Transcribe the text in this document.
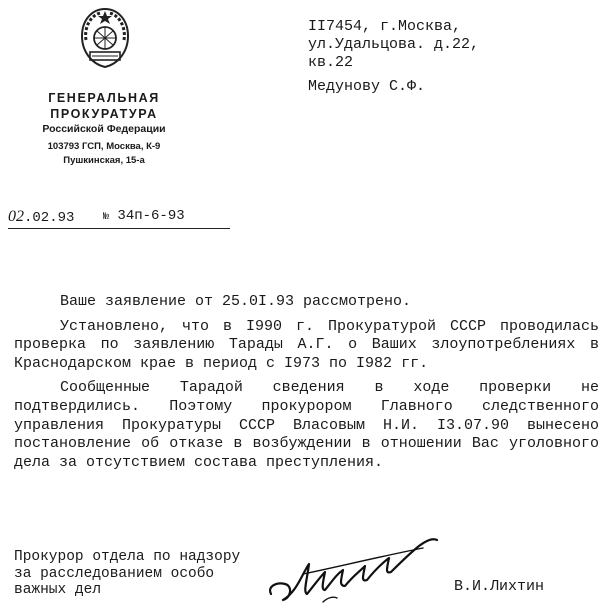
ГЕНЕРАЛЬНАЯ
ПРОКУРАТУРА
Российской Федерации
103793 ГСП, Москва, К-9
Пушкинская, 15-а
II7454, г.Москва,
ул.Удальцова. д.22,
кв.22
Медунову С.Ф.
02.02.93	№ 34п-6-93

Ваше заявление от 25.0I.93 рассмотрено.

Установлено, что в I990 г. Прокуратурой СССР проводилась проверка по заявлению Тарады А.Г. о Ваших злоупотреблениях в Краснодарском крае в период с I973 по I982 гг.

Сообщенные Тарадой сведения в ходе проверки не подтвердились. Поэтому прокурором Главного следственного управления Прокуратуры СССР Власовым Н.И. I3.07.90 вынесено постановление об отказе в возбуждении в отношении Вас уголовного дела за отсутствием состава преступления.

Прокурор отдела по надзору
за расследованием особо
важных дел	В.И.Лихтин
